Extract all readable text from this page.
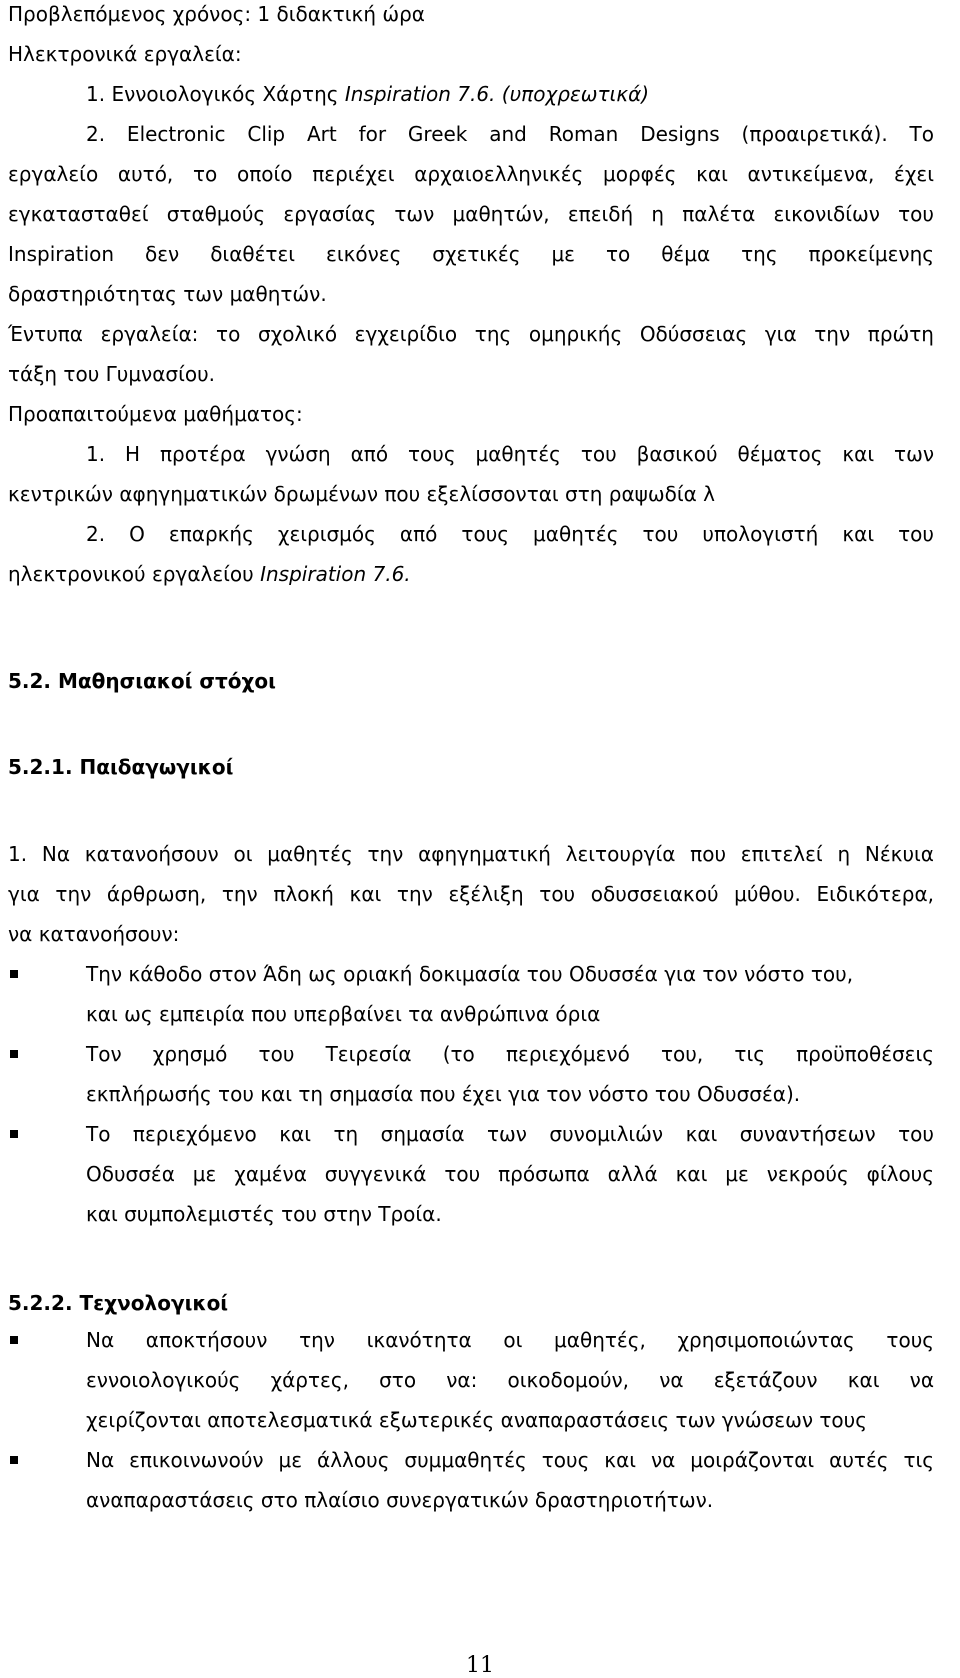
Προβλεπόμενος χρόνος: 1 διδακτική ώρα

Ηλεκτρονικά εργαλεία:

1. Εννοιολογικός Χάρτης Inspiration 7.6. (υποχρεωτικά)

2. Electronic Clip Art for Greek and Roman Designs (προαιρετικά). Το

εργαλείο αυτό, το οποίο περιέχει αρχαιοελληνικές μορφές και αντικείμενα, έχει

εγκατασταθεί σταθμούς εργασίας των μαθητών, επειδή η παλέτα εικονιδίων του

Inspiration δεν διαθέτει εικόνες σχετικές με το θέμα της προκείμενης

δραστηριότητας των μαθητών.

Έντυπα εργαλεία: το σχολικό εγχειρίδιο της ομηρικής Οδύσσειας για την πρώτη

τάξη του Γυμνασίου.

Προαπαιτούμενα μαθήματος:

1. Η προτέρα γνώση από τους μαθητές του βασικού θέματος και των

κεντρικών αφηγηματικών δρωμένων που εξελίσσονται στη ραψωδία λ

2. Ο επαρκής χειρισμός από τους μαθητές του υπολογιστή και του

ηλεκτρονικού εργαλείου Inspiration 7.6.

5.2. Μαθησιακοί στόχοι

5.2.1. Παιδαγωγικοί

1. Να κατανοήσουν οι μαθητές την αφηγηματική λειτουργία που επιτελεί η Νέκυια

για την άρθρωση, την πλοκή και την εξέλιξη του οδυσσειακού μύθου. Ειδικότερα,

να κατανοήσουν:

Την κάθοδο στον Άδη ως οριακή δοκιμασία του Οδυσσέα για τον νόστο του,

και ως εμπειρία που υπερβαίνει τα ανθρώπινα όρια

Τον χρησμό του Τειρεσία (το περιεχόμενό του, τις προϋποθέσεις

εκπλήρωσής του και τη σημασία που έχει για τον νόστο του Οδυσσέα).

Το περιεχόμενο και τη σημασία των συνομιλιών και συναντήσεων του

Οδυσσέα με χαμένα συγγενικά του πρόσωπα αλλά και με νεκρούς φίλους

και συμπολεμιστές του στην Τροία.

5.2.2. Τεχνολογικοί

Να αποκτήσουν την ικανότητα οι μαθητές, χρησιμοποιώντας τους

εννοιολογικούς χάρτες, στο να: οικοδομούν, να εξετάζουν και να

χειρίζονται αποτελεσματικά εξωτερικές αναπαραστάσεις των γνώσεων τους

Να επικοινωνούν με άλλους συμμαθητές τους και να μοιράζονται αυτές τις

αναπαραστάσεις στο πλαίσιο συνεργατικών δραστηριοτήτων.

11
